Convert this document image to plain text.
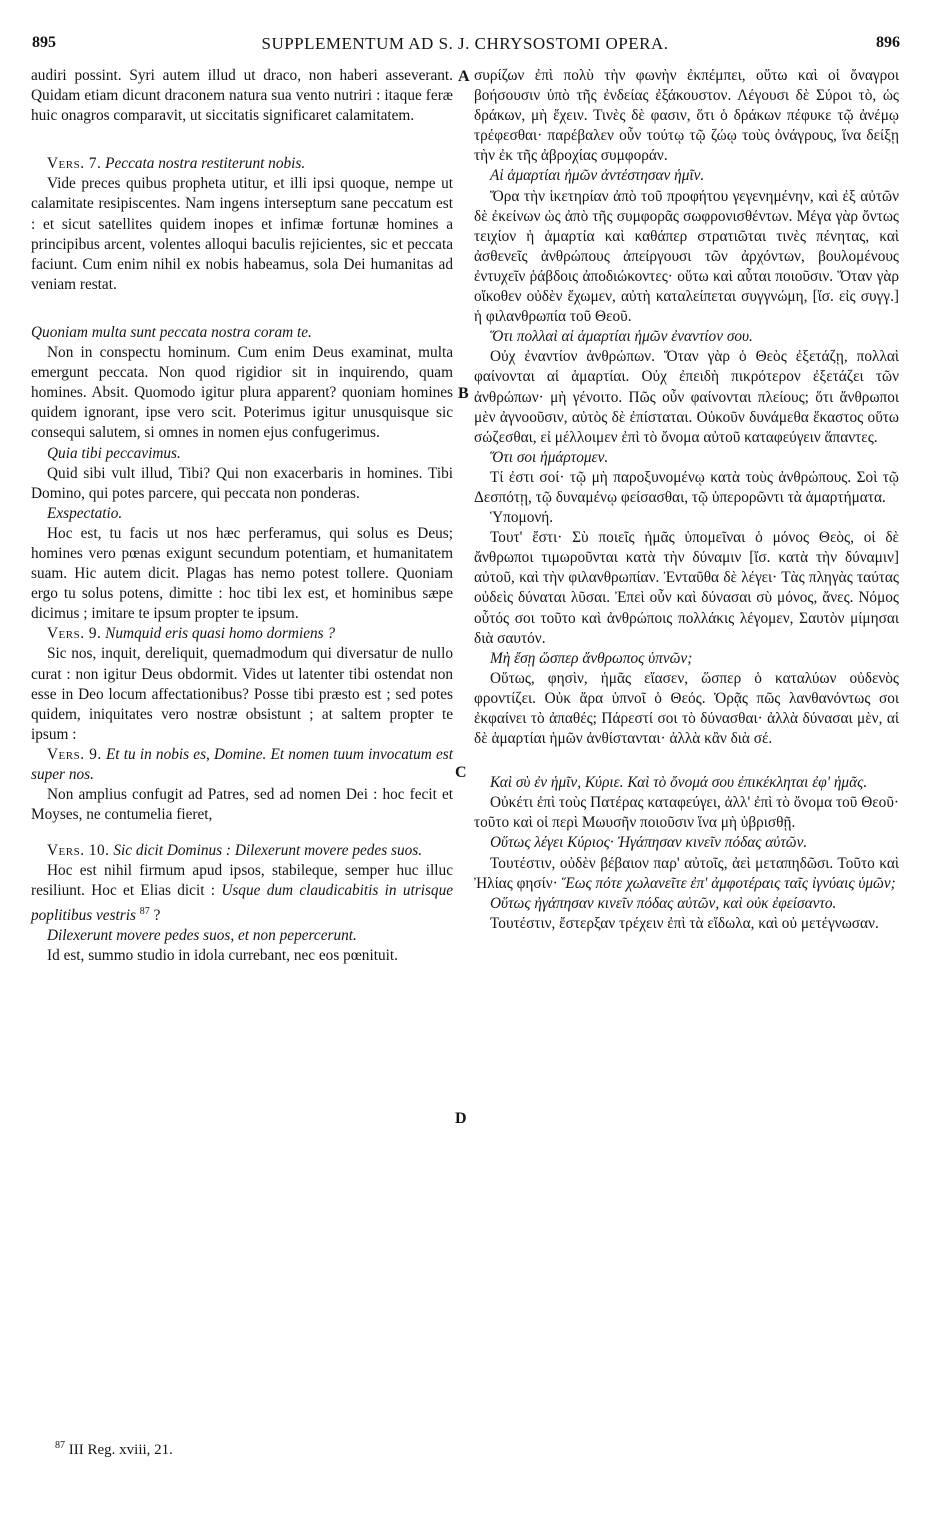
895	SUPPLEMENTUM AD S. J. CHRYSOSTOMI OPERA.	896

audiri possint. Syri autem illud ut draco, non haberi asseverant. Quidam etiam dicunt draconem natura sua vento nutriri : itaque feræ huic onagros comparavit, ut siccitatis significaret calamitatem.

Vers. 7. Peccata nostra restiterunt nobis.

Vide preces quibus propheta utitur, et illi ipsi quoque, nempe ut calamitate resipiscentes. Nam ingens interseptum sane peccatum est : et sicut satellites quidem inopes et infimæ fortunæ homines a principibus arcent, volentes alloqui baculis rejicientes, sic et peccata faciunt. Cum enim nihil ex nobis habeamus, sola Dei humanitas ad veniam restat.

Quoniam multa sunt peccata nostra coram te.

Non in conspectu hominum. Cum enim Deus examinat, multa emergunt peccata. Non quod rigidior sit in inquirendo, quam homines. Absit. Quomodo igitur plura apparent? quoniam homines quidem ignorant, ipse vero scit. Poterimus igitur unusquisque sic consequi salutem, si omnes in nomen ejus confugerimus.

Quia tibi peccavimus.

Quid sibi vult illud, Tibi? Qui non exacerbaris in homines. Tibi Domino, qui potes parcere, qui peccata non ponderas.

Exspectatio.

Hoc est, tu facis ut nos hæc perferamus, qui solus es Deus; homines vero pœnas exigunt secundum potentiam, et humanitatem suam. Hic autem dicit. Plagas has nemo potest tollere. Quoniam ergo tu solus potens, dimitte : hoc tibi lex est, et hominibus sæpe dicimus ; imitare te ipsum propter te ipsum.

Vers. 9. Numquid eris quasi homo dormiens ?

Sic nos, inquit, dereliquit, quemadmodum qui diversatur de nullo curat : non igitur Deus obdormit. Vides ut latenter tibi ostendat non esse in Deo locum affectationibus? Posse tibi præsto est ; sed potes quidem, iniquitates vero nostræ obsistunt ; at saltem propter te ipsum :

Vers. 9. Et tu in nobis es, Domine. Et nomen tuum invocatum est super nos.

Non amplius confugit ad Patres, sed ad nomen Dei : hoc fecit et Moyses, ne contumelia fieret,

Vers. 10. Sic dicit Dominus : Dilexerunt movere pedes suos.

Hoc est nihil firmum apud ipsos, stabileque, semper huc illuc resiliunt. Hoc et Elias dicit : Usque dum claudicabitis in utrisque poplitibus vestris $^{87}$ ?

Dilexerunt movere pedes suos, et non pepercerunt.

Id est, summo studio in idola currebant, nec eos pœnituit.

συρίζων ἐπὶ πολὺ τὴν φωνὴν ἐκπέμπει, οὕτω καὶ οἱ ὄναγροι βοήσουσιν ὑπὸ τῆς ἐνδείας ἐξάκουστον. Λέγουσι δὲ Σύροι τὸ, ὡς δράκων, μὴ ἔχειν. Τινὲς δὲ φασιν, ὅτι ὁ δράκων πέφυκε τῷ ἀνέμῳ τρέφεσθαι· παρέβαλεν οὖν τούτῳ τῷ ζώῳ τοὺς ὀνάγρους, ἵνα δείξῃ τὴν ἐκ τῆς ἀβροχίας συμφοράν.

Αἱ ἁμαρτίαι ἡμῶν ἀντέστησαν ἡμῖν.

Ὅρα τὴν ἱκετηρίαν ἀπὸ τοῦ προφήτου γεγενημένην, καὶ ἐξ αὐτῶν δὲ ἐκείνων ὡς ἀπὸ τῆς συμφορᾶς σωφρονισθέντων. Μέγα γὰρ ὄντως τειχίον ἡ ἁμαρτία καὶ καθάπερ στρατιῶται τινὲς πένητας, καὶ ἀσθενεῖς ἀνθρώπους ἀπείργουσι τῶν ἀρχόντων, βουλομένους ἐντυχεῖν ῥάβδοις ἀποδιώκοντες· οὕτω καὶ αὗται ποιοῦσιν. Ὅταν γὰρ οἴκοθεν οὐδὲν ἔχωμεν, αὐτὴ καταλείπεται συγγνώμη, [ἴσ. εἰς συγγ.] ἡ φιλανθρωπία τοῦ Θεοῦ.

Ὅτι πολλαὶ αἱ ἁμαρτίαι ἡμῶν ἐναντίον σου.

Οὐχ ἐναντίον ἀνθρώπων. Ὅταν γὰρ ὁ Θεὸς ἐξετάζῃ, πολλαὶ φαίνονται αἱ ἁμαρτίαι. Οὐχ ἐπειδὴ πικρότερον ἐξετάζει τῶν ἀνθρώπων· μὴ γένοιτο. Πῶς οὖν φαίνονται πλείους; ὅτι ἄνθρωποι μὲν ἀγνοοῦσιν, αὐτὸς δὲ ἐπίσταται. Οὐκοῦν δυνάμεθα ἕκαστος οὕτω σώζεσθαι, εἰ μέλλοιμεν ἐπὶ τὸ ὄνομα αὐτοῦ καταφεύγειν ἅπαντες.

Ὅτι σοι ἡμάρτομεν.

Τί ἐστι σοί· τῷ μὴ παροξυνομένῳ κατὰ τοὺς ἀνθρώπους. Σοὶ τῷ Δεσπότῃ, τῷ δυναμένῳ φείσασθαι, τῷ ὑπερορῶντι τὰ ἁμαρτήματα.

Ὑπομονή.

Τουτ' ἔστι· Σὺ ποιεῖς ἡμᾶς ὑπομεῖναι ὁ μόνος Θεὸς, οἱ δὲ ἄνθρωποι τιμωροῦνται κατὰ τὴν δύναμιν [ἴσ. κατὰ τὴν δύναμιν] αὐτοῦ, καὶ τὴν φιλανθρωπίαν. Ἐνταῦθα δὲ λέγει· Τὰς πληγὰς ταύτας οὐδεὶς δύναται λῦσαι. Ἐπεὶ οὖν καὶ δύνασαι σὺ μόνος, ἄνες. Νόμος οὗτός σοι τοῦτο καὶ ἀνθρώποις πολλάκις λέγομεν, Σαυτὸν μίμησαι διὰ σαυτόν.

Μὴ ἔσῃ ὥσπερ ἄνθρωπος ὑπνῶν;

Οὕτως, φησὶν, ἡμᾶς εἴασεν, ὥσπερ ὁ καταλύων οὐδενὸς φροντίζει. Οὐκ ἄρα ὑπνοῖ ὁ Θεός. Ὁρᾷς πῶς λανθανόντως σοι ἐκφαίνει τὸ ἀπαθές; Πάρεστί σοι τὸ δύνασθαι· ἀλλὰ δύνασαι μὲν, αἱ δὲ ἁμαρτίαι ἡμῶν ἀνθίστανται· ἀλλὰ κἂν διὰ σέ.

Καὶ σὺ ἐν ἡμῖν, Κύριε. Καὶ τὸ ὄνομά σου ἐπικέκληται ἐφ' ἡμᾶς.

Οὐκέτι ἐπὶ τοὺς Πατέρας καταφεύγει, ἀλλ' ἐπὶ τὸ ὄνομα τοῦ Θεοῦ· τοῦτο καὶ οἱ περὶ Μωυσῆν ποιοῦσιν ἵνα μὴ ὑβρισθῇ.

Οὕτως λέγει Κύριος· Ἠγάπησαν κινεῖν πόδας αὐτῶν.

Τουτέστιν, οὐδὲν βέβαιον παρ' αὐτοῖς, ἀεὶ μεταπηδῶσι. Τοῦτο καὶ Ἠλίας φησίν· Ἕως πότε χωλανεῖτε ἐπ' ἀμφοτέραις ταῖς ἰγνύαις ὑμῶν;

Οὕτως ἠγάπησαν κινεῖν πόδας αὐτῶν, καὶ οὐκ ἐφείσαντο.

Τουτέστιν, ἔστερξαν τρέχειν ἐπὶ τὰ εἴδωλα, καὶ οὐ μετέγνωσαν.

A
B
C
D
$^{87}$ III Reg. xviii, 21.
